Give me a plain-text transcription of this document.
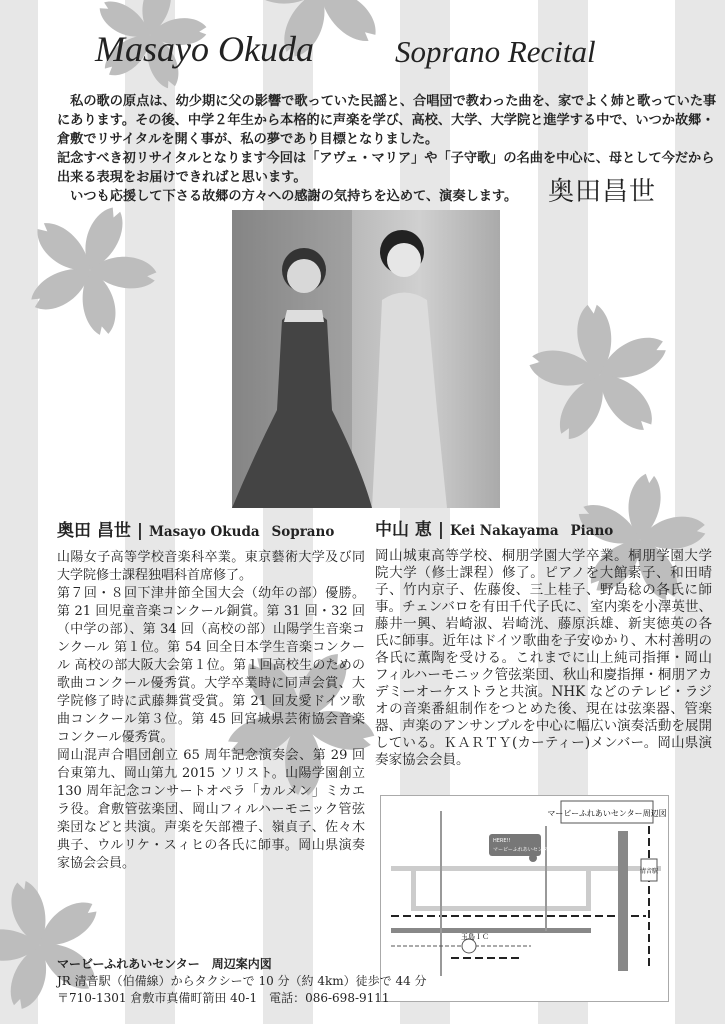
Masayo Okuda	Soprano Recital

　私の歌の原点は、幼少期に父の影響で歌っていた民謡と、合唱団で教わった曲を、家でよく姉と歌っていた事にあります。その後、中学２年生から本格的に声楽を学び、高校、大学、大学院と進学する中で、いつか故郷・倉敷でリサイタルを開く事が、私の夢であり目標となりました。

記念すべき初リサイタルとなります今回は「アヴェ・マリア」や「子守歌」の名曲を中心に、母として今だから出来る表現をお届けできればと思います。

　いつも応援して下さる故郷の方々への感謝の気持ちを込めて、演奏します。	奥田昌世
奥田 昌世 | Masayo Okuda Soprano

山陽女子高等学校音楽科卒業。東京藝術大学及び同大学院修士課程独唱科首席修了。

第７回・８回下津井節全国大会（幼年の部）優勝。第 21 回児童音楽コンクール銅賞。第 31 回・32 回（中学の部）、第 34 回（高校の部）山陽学生音楽コンクール 第１位。第 54 回全日本学生音楽コンクール 高校の部大阪大会第１位。第１回高校生のための歌曲コンクール優秀賞。大学卒業時に同声会賞、大学院修了時に武藤舞賞受賞。第 21 回友愛ドイツ歌曲コンクール第３位。第 45 回宮城県芸術協会音楽コンクール優秀賞。

岡山混声合唱団創立 65 周年記念演奏会、第 29 回台東第九、岡山第九 2015 ソリスト。山陽学園創立 130 周年記念コンサートオペラ「カルメン」ミカエラ役。倉敷管弦楽団、岡山フィルハーモニック管弦楽団などと共演。声楽を矢部禮子、嶺貞子、佐々木典子、ウルリケ・スィヒの各氏に師事。岡山県演奏家協会会員。

中山 恵 | Kei Nakayama Piano

岡山城東高等学校、桐朋学園大学卒業。桐朋学園大学院大学（修士課程）修了。ピアノを大館素子、和田晴子、竹内京子、佐藤俊、三上桂子、野島稔の各氏に師事。チェンバロを有田千代子氏に、室内楽を小澤英世、藤井一興、岩崎淑、岩崎洸、藤原浜雄、新実徳英の各氏に師事。近年はドイツ歌曲を子安ゆかり、木村善明の各氏に薫陶を受ける。これまでに山上純司指揮・岡山フィルハーモニック管弦楽団、秋山和慶指揮・桐朋アカデミーオーケストラと共演。NHK などのテレビ・ラジオの音楽番組制作をつとめた後、現在は弦楽器、管楽器、声楽のアンサンブルを中心に幅広い演奏活動を展開している。ＫＡＲＴＹ(カーティー)メンバー。岡山県演奏家協会会員。

マービーふれあいセンター周辺図
玉島ＩＣ
HERE!!
マービーふれあいセンター
清音駅
マービーふれあいセンター　周辺案内図
JR 清音駅（伯備線）からタクシーで 10 分（約 4km）徒歩で 44 分
〒710-1301 倉敷市真備町箭田 40-1　電話：086-698-9111
